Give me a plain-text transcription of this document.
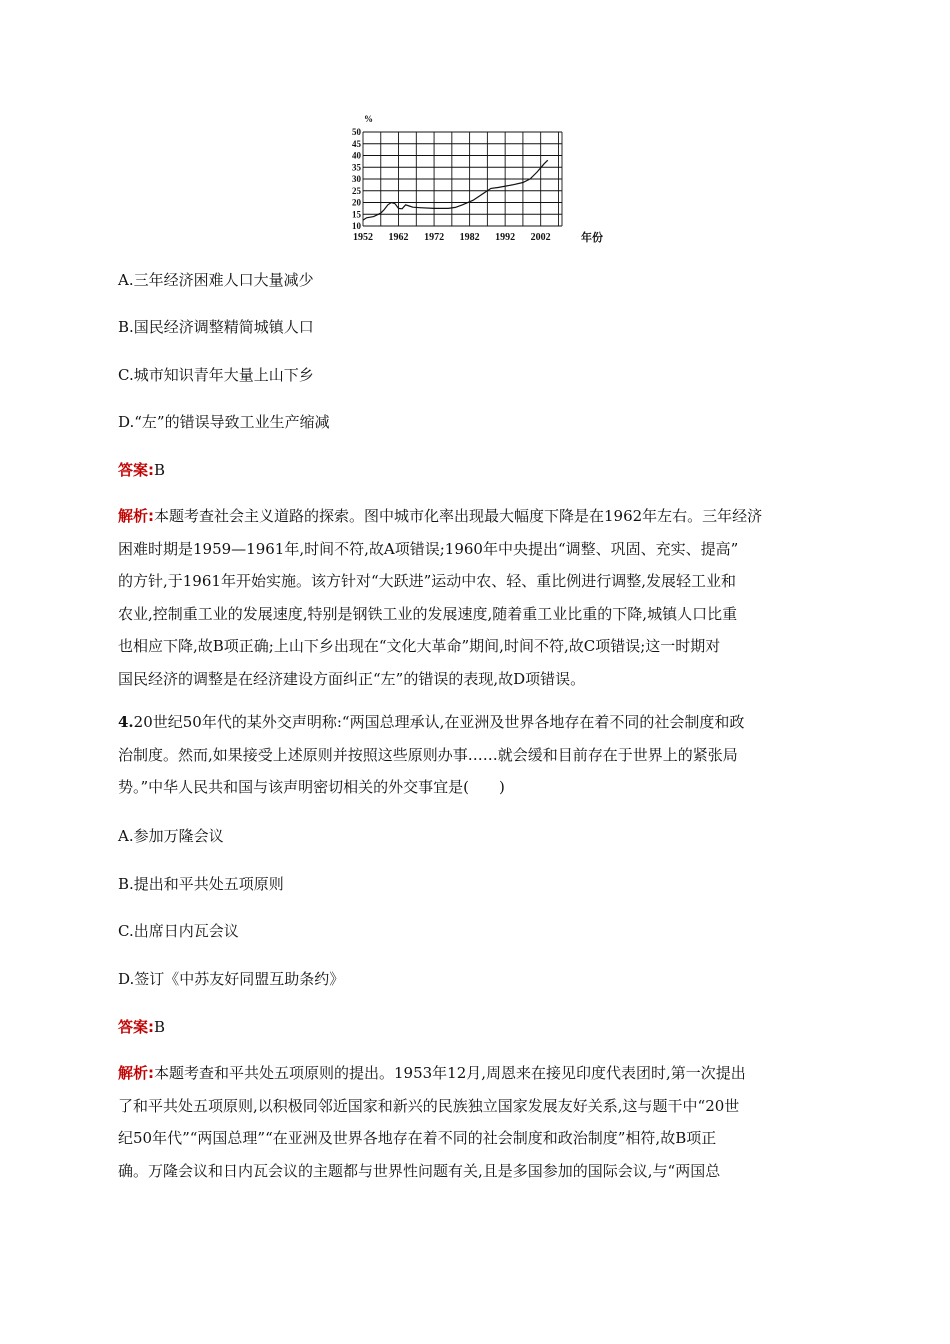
50
45
40
35
30
25
20
15
10
1952 1962 1972 1982 1992 2002
%
年份
A.三年经济困难人口大量减少
B.国民经济调整精简城镇人口
C.城市知识青年大量上山下乡
D.“左”的错误导致工业生产缩减
答案:B

解析:本题考查社会主义道路的探索。图中城市化率出现最大幅度下降是在1962年左右。三年经济

困难时期是1959—1961年,时间不符,故A项错误;1960年中央提出“调整、巩固、充实、提高”

的方针,于1961年开始实施。该方针对“大跃进”运动中农、轻、重比例进行调整,发展轻工业和

农业,控制重工业的发展速度,特别是钢铁工业的发展速度,随着重工业比重的下降,城镇人口比重

也相应下降,故B项正确;上山下乡出现在“文化大革命”期间,时间不符,故C项错误;这一时期对

国民经济的调整是在经济建设方面纠正“左”的错误的表现,故D项错误。

4.20世纪50年代的某外交声明称:“两国总理承认,在亚洲及世界各地存在着不同的社会制度和政

治制度。然而,如果接受上述原则并按照这些原则办事……就会缓和目前存在于世界上的紧张局

势。”中华人民共和国与该声明密切相关的外交事宜是(　　)

A.参加万隆会议
B.提出和平共处五项原则
C.出席日内瓦会议
D.签订《中苏友好同盟互助条约》
答案:B

解析:本题考查和平共处五项原则的提出。1953年12月,周恩来在接见印度代表团时,第一次提出

了和平共处五项原则,以积极同邻近国家和新兴的民族独立国家发展友好关系,这与题干中“20世

纪50年代”“两国总理”“在亚洲及世界各地存在着不同的社会制度和政治制度”相符,故B项正

确。万隆会议和日内瓦会议的主题都与世界性问题有关,且是多国参加的国际会议,与“两国总
